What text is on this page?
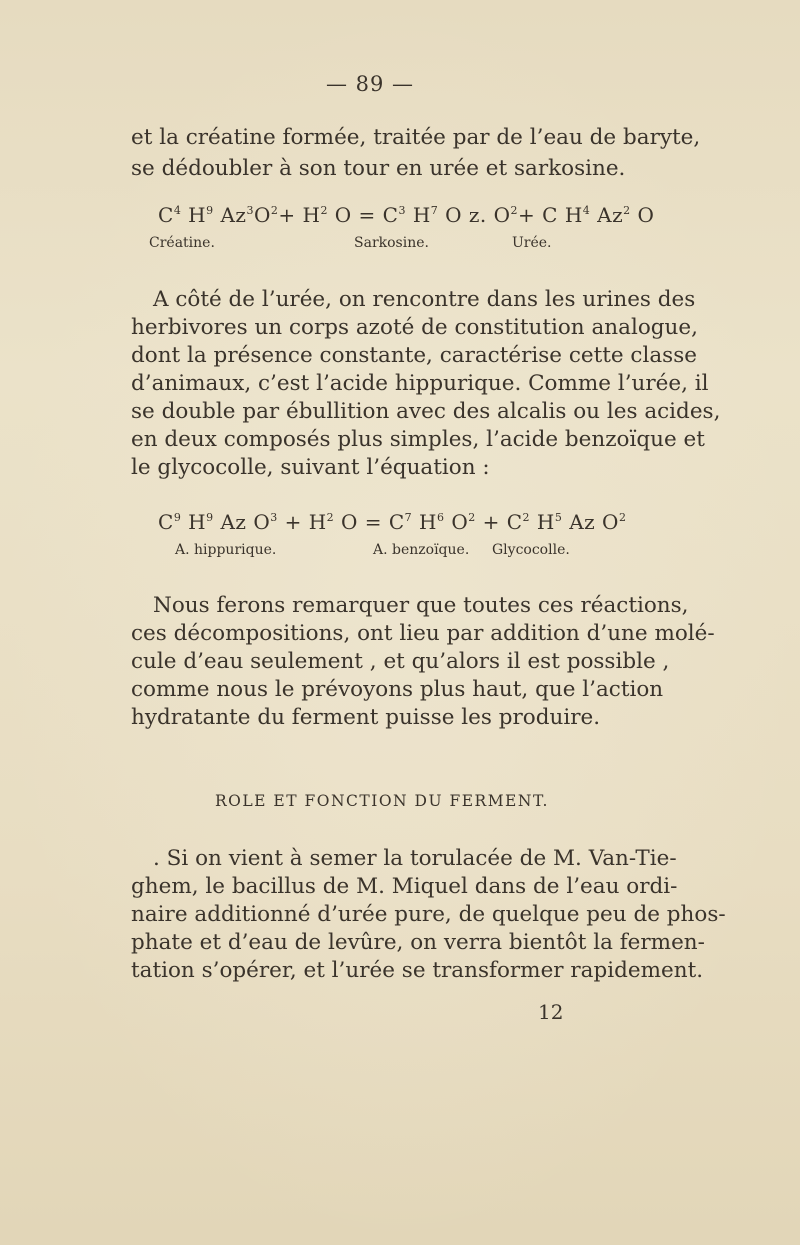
— 89 —
et la créatine formée, traitée par de l’eau de baryte,
se dédoubler à son tour en urée et sarkosine.
$C^4$ $H^9$ $Az^3O^2+ H^2$ $O = C^3$ $H^7$ O z. $O^2+ C$ $H^4$ Az$^2$ O
Créatine.	Sarkosine.	Urée.
A côté de l’urée, on rencontre dans les urines des
herbivores un corps azoté de constitution analogue,
dont la présence constante, caractérise cette classe
d’animaux, c’est l’acide hippurique. Comme l’urée, il
se double par ébullition avec des alcalis ou les acides,
en deux composés plus simples, l’acide benzoïque et
le glycocolle, suivant l’équation :
$C^9$ $H^9$ Az $O^3 + H^2$ $O = C^7$ $H^6$ $O^2 + C^2$ $H^5$ Az $O^2$
A. hippurique.	A. benzoïque. Glycocolle.
Nous ferons remarquer que toutes ces réactions,
ces décompositions, ont lieu par addition d’une molé-
cule d’eau seulement , et qu’alors il est possible ,
comme nous le prévoyons plus haut, que l’action
hydratante du ferment puisse les produire.
ROLE ET FONCTION DU FERMENT.
. Si on vient à semer la torulacée de M. Van-Tie-
ghem, le bacillus de M. Miquel dans de l’eau ordi-
naire additionné d’urée pure, de quelque peu de phos-
phate et d’eau de levûre, on verra bientôt la fermen-
tation s’opérer, et l’urée se transformer rapidement.
12
